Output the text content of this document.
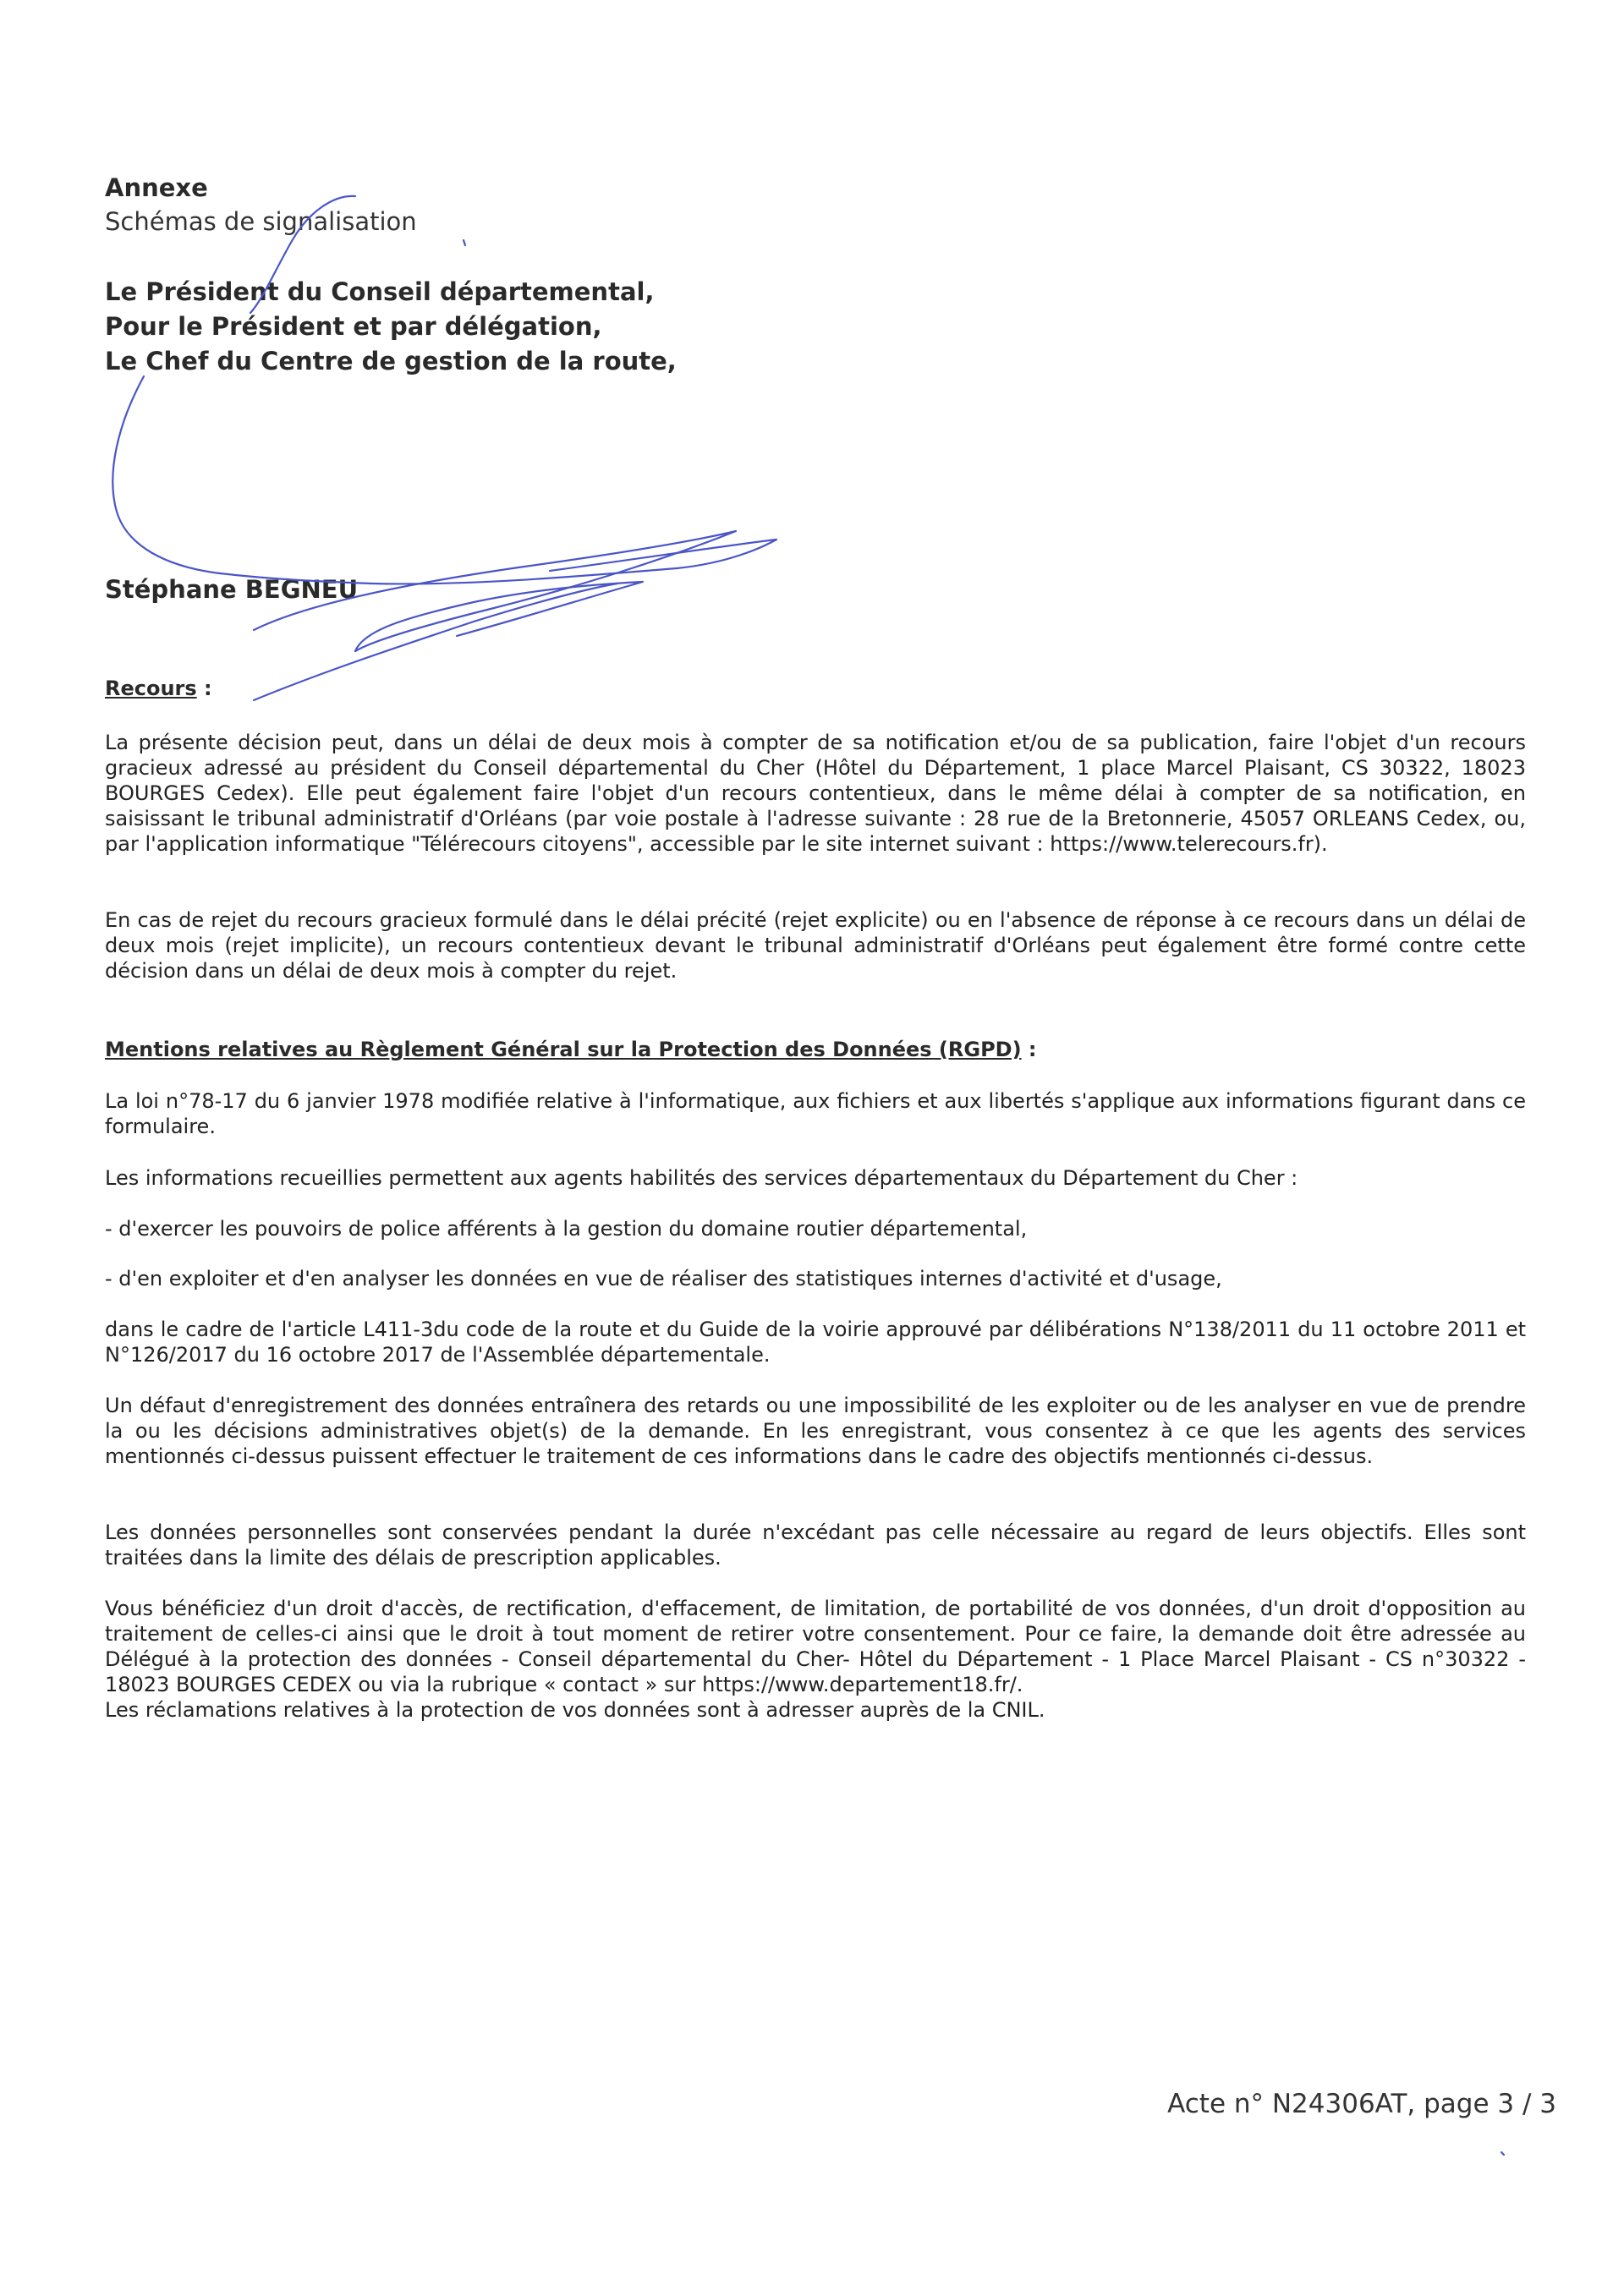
Annexe
Schémas de signalisation
Le Président du Conseil départemental,
Pour le Président et par délégation,
Le Chef du Centre de gestion de la route,
Stéphane BEGNEU
Recours :
La présente décision peut, dans un délai de deux mois à compter de sa notification et/ou de sa publication, faire l'objet d'un recours gracieux adressé au président du Conseil départemental du Cher (Hôtel du Département, 1 place Marcel Plaisant, CS 30322, 18023 BOURGES Cedex). Elle peut également faire l'objet d'un recours contentieux, dans le même délai à compter de sa notification, en saisissant le tribunal administratif d'Orléans (par voie postale à l'adresse suivante : 28 rue de la Bretonnerie, 45057 ORLEANS Cedex, ou, par l'application informatique "Télérecours citoyens", accessible par le site internet suivant : https://www.telerecours.fr).
En cas de rejet du recours gracieux formulé dans le délai précité (rejet explicite) ou en l'absence de réponse à ce recours dans un délai de deux mois (rejet implicite), un recours contentieux devant le tribunal administratif d'Orléans peut également être formé contre cette décision dans un délai de deux mois à compter du rejet.
Mentions relatives au Règlement Général sur la Protection des Données (RGPD) :
La loi n°78-17 du 6 janvier 1978 modifiée relative à l'informatique, aux fichiers et aux libertés s'applique aux informations figurant dans ce formulaire.
Les informations recueillies permettent aux agents habilités des services départementaux du Département du Cher :
- d'exercer les pouvoirs de police afférents à la gestion du domaine routier départemental,
- d'en exploiter et d'en analyser les données en vue de réaliser des statistiques internes d'activité et d'usage,
dans le cadre de l'article L411-3du code de la route et du Guide de la voirie approuvé par délibérations N°138/2011 du 11 octobre 2011 et N°126/2017 du 16 octobre 2017 de l'Assemblée départementale.
Un défaut d'enregistrement des données entraînera des retards ou une impossibilité de les exploiter ou de les analyser en vue de prendre la ou les décisions administratives objet(s) de la demande. En les enregistrant, vous consentez à ce que les agents des services mentionnés ci-dessus puissent effectuer le traitement de ces informations dans le cadre des objectifs mentionnés ci-dessus.
Les données personnelles sont conservées pendant la durée n'excédant pas celle nécessaire au regard de leurs objectifs. Elles sont traitées dans la limite des délais de prescription applicables.
Vous bénéficiez d'un droit d'accès, de rectification, d'effacement, de limitation, de portabilité de vos données, d'un droit d'opposition au traitement de celles-ci ainsi que le droit à tout moment de retirer votre consentement. Pour ce faire, la demande doit être adressée au Délégué à la protection des données - Conseil départemental du Cher- Hôtel du Département - 1 Place Marcel Plaisant - CS n°30322 - 18023 BOURGES CEDEX ou via la rubrique « contact » sur https://www.departement18.fr/.
Les réclamations relatives à la protection de vos données sont à adresser auprès de la CNIL.
Acte n° N24306AT, page 3 / 3
